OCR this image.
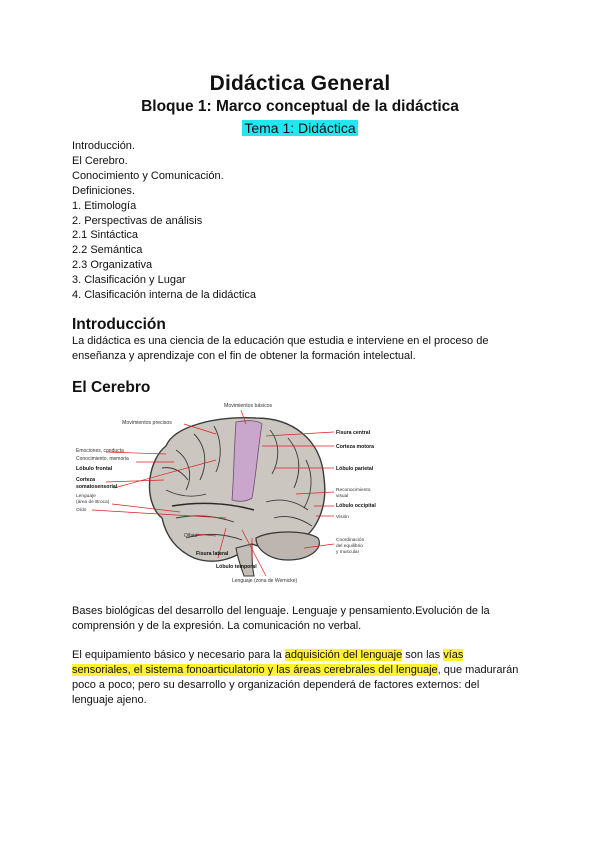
Didáctica General
Bloque 1: Marco conceptual de la didáctica
Tema 1: Didáctica
Introducción.
El Cerebro.
Conocimiento y Comunicación.
Definiciones.
1. Etimología
2. Perspectivas de análisis
2.1 Sintáctica
2.2 Semántica
2.3 Organizativa
3. Clasificación y Lugar
4. Clasificación interna de la didáctica
Introducción

La didáctica es una ciencia de la educación que estudia e interviene en el proceso de enseñanza y aprendizaje con el fin de obtener la formación intelectual.

El Cerebro
Movimientos básicos
Movimientos precisos
Emociones, conducta
Conocimiento, memoria
Lóbulo frontal
Corteza
somatosensorial
Lenguaje
(área de Broca)
Oído
Olfato
Fisura lateral
Lóbulo temporal
Lenguaje (zona de Wernicke)
Fisura central
Corteza motora
Lóbulo parietal
Reconocimiento
visual
Lóbulo occipital
Visión
Coordinación
del equilibrio
y muscular

Bases biológicas del desarrollo del lenguaje. Lenguaje y pensamiento.Evolución de la
comprensión y de la expresión. La comunicación no verbal.

El equipamiento básico y necesario para la adquisición del lenguaje son las vías
sensoriales, el sistema fonoarticulatorio y las áreas cerebrales del lenguaje, que madurarán
poco a poco; pero su desarrollo y organización dependerá de factores externos: del
lenguaje ajeno.
